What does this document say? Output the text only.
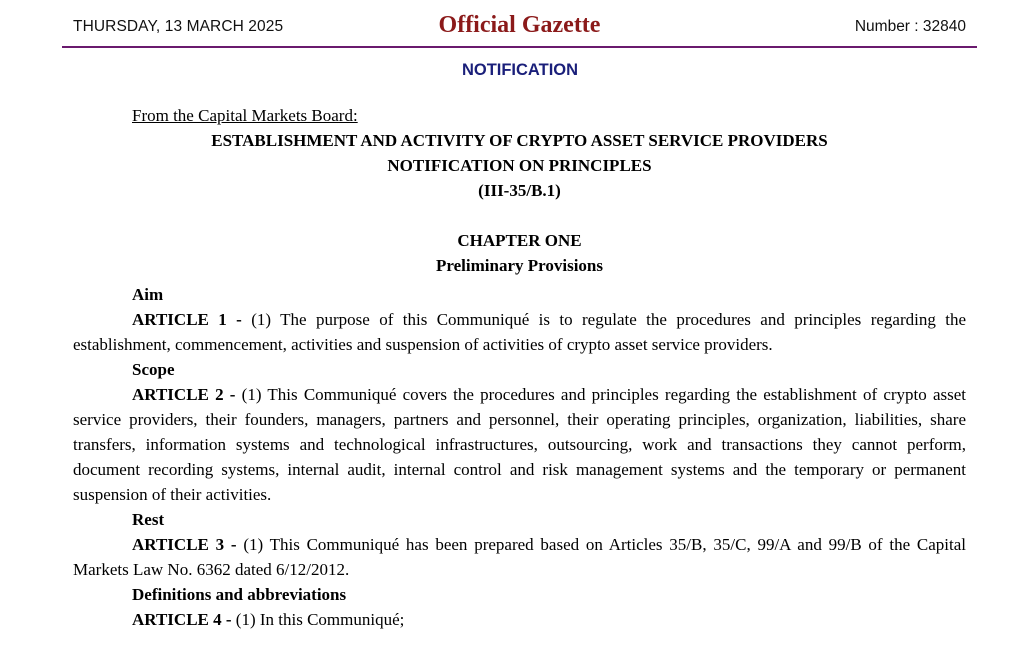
THURSDAY, 13 MARCH 2025	Official Gazette	Number : 32840
NOTIFICATION

From the Capital Markets Board:

ESTABLISHMENT AND ACTIVITY OF CRYPTO ASSET SERVICE PROVIDERS

NOTIFICATION ON PRINCIPLES

(III-35/B.1)

CHAPTER ONE

Preliminary Provisions

Aim

ARTICLE 1 - (1) The purpose of this Communiqué is to regulate the procedures and principles regarding the establishment, commencement, activities and suspension of activities of crypto asset service providers.

Scope

ARTICLE 2 - (1) This Communiqué covers the procedures and principles regarding the establishment of crypto asset service providers, their founders, managers, partners and personnel, their operating principles, organization, liabilities, share transfers, information systems and technological infrastructures, outsourcing, work and transactions they cannot perform, document recording systems, internal audit, internal control and risk management systems and the temporary or permanent suspension of their activities.

Rest

ARTICLE 3 - (1) This Communiqué has been prepared based on Articles 35/B, 35/C, 99/A and 99/B of the Capital Markets Law No. 6362 dated 6/12/2012.

Definitions and abbreviations

ARTICLE 4 - (1) In this Communiqué;
